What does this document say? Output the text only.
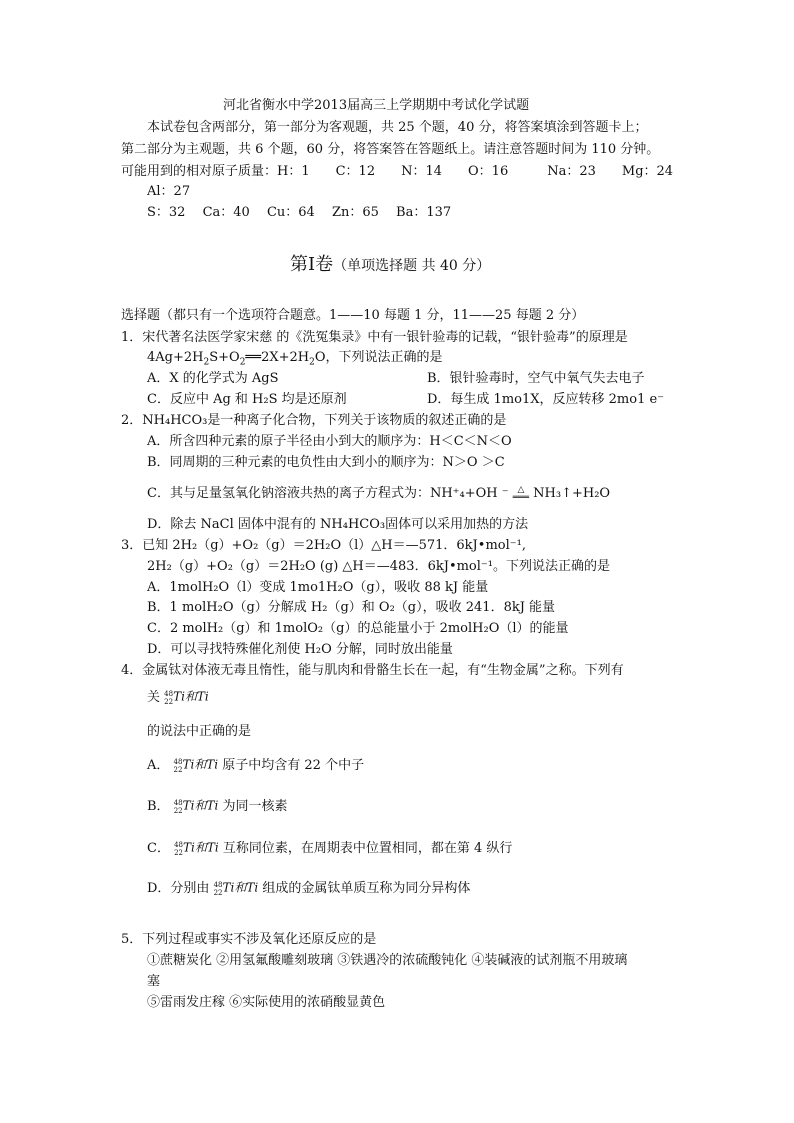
河北省衡水中学2013届高三上学期期中考试化学试题
本试卷包含两部分，第一部分为客观题，共 25 个题，40 分，将答案填涂到答题卡上；
第二部分为主观题，共 6 个题，60 分，将答案答在答题纸上。请注意答题时间为 110 分钟。
可能用到的相对原子质量：H：1　　C：12　　N：14　　O：16　　　Na：23　　Mg：24
Al：27
S：32　 Ca：40　 Cu：64　 Zn：65　 Ba：137
第Ⅰ卷（单项选择题 共 40 分）
选择题（都只有一个选项符合题意。1——10 每题 1 分，11——25 每题 2 分）
1．宋代著名法医学家宋慈 的《洗冤集录》中有一银针验毒的记载，“银针验毒”的原理是
$4Ag+2H_2S+O_2══2X+2H_2O$，下列说法正确的是
A．X 的化学式为 AgS	B．银针验毒时，空气中氧气失去电子
C．反应中 Ag 和 H₂S 均是还原剂	D．每生成 1mo1X，反应转移 2mo1 e⁻
2．NH₄HCO₃是一种离子化合物，下列关于该物质的叙述正确的是
A．所含四种元素的原子半径由小到大的顺序为：H＜C＜N＜O
B．同周期的三种元素的电负性由大到小的顺序为：N＞O ＞C
C．其与足量氢氧化钠溶液共热的离子方程式为：NH⁺₄+OH ⁻ △
═══ NH₃↑+H₂O
D．除去 NaCl 固体中混有的 NH₄HCO₃固体可以采用加热的方法
3．已知 2H₂（g）+O₂（g）＝2H₂O（l）△H＝—571．6kJ•mol⁻¹,
2H₂（g）+O₂（g）＝2H₂O (g) △H＝—483．6kJ•mol⁻¹。下列说法正确的是
A．1molH₂O（l）变成 1mo1H₂O（g），吸收 88 kJ 能量
B．1 molH₂O（g）分解成 H₂（g）和 O₂（g），吸收 241．8kJ 能量
C．2 molH₂（g）和 1molO₂（g）的总能量小于 2molH₂O（l）的能量
D．可以寻找特殊催化剂使 H₂O 分解，同时放出能量
4．金属钛对体液无毒且惰性，能与肌肉和骨骼生长在一起，有“生物金属”之称。下列有
关 48
22Ti和Ti
的说法中正确的是
A． 48
22Ti和Ti 原子中均含有 22 个中子
B． 48
22Ti和Ti 为同一核素
C． 48
22Ti和Ti 互称同位素，在周期表中位置相同，都在第 4 纵行
D．分别由 48
22Ti和Ti 组成的金属钛单质互称为同分异构体
5．下列过程或事实不涉及氧化还原反应的是
①蔗糖炭化 ②用氢氟酸雕刻玻璃 ③铁遇冷的浓硫酸钝化 ④装碱液的试剂瓶不用玻璃
塞
⑤雷雨发庄稼 ⑥实际使用的浓硝酸显黄色
